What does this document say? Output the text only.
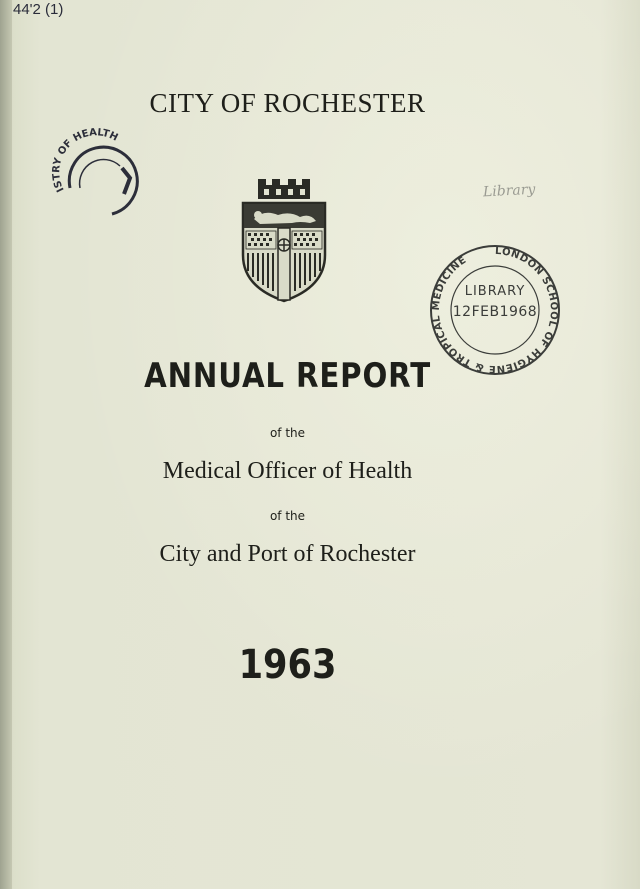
44'2 (1)
CITY OF ROCHESTER
ISTRY OF HEALTH
Library
LONDON SCHOOL OF HYGIENE & TROPICAL MEDICINE
LIBRARY
12FEB1968
ANNUAL REPORT
of the
Medical Officer of Health
of the
City and Port of Rochester
1963
